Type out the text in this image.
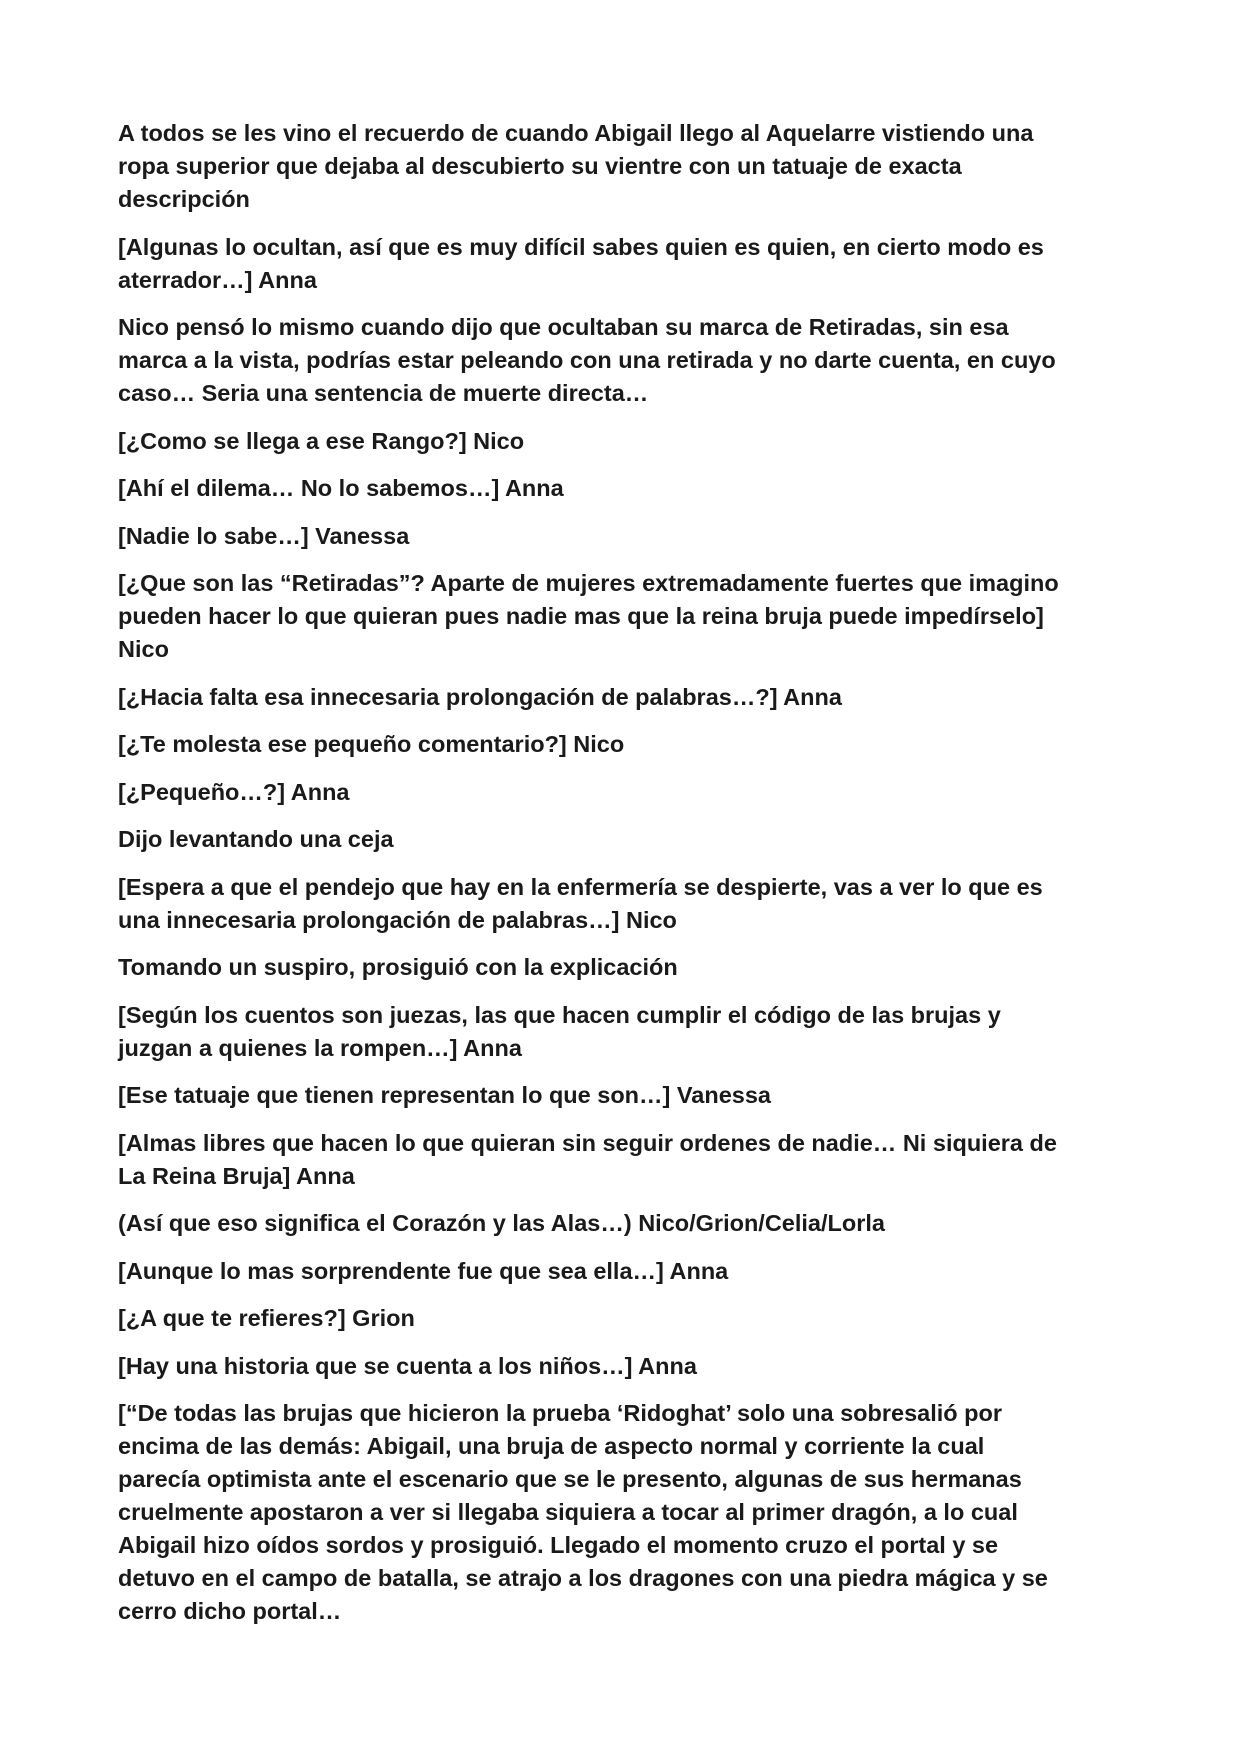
A todos se les vino el recuerdo de cuando Abigail llego al Aquelarre vistiendo una
ropa superior que dejaba al descubierto su vientre con un tatuaje de exacta
descripción

[Algunas lo ocultan, así que es muy difícil sabes quien es quien, en cierto modo es
aterrador…] Anna

Nico pensó lo mismo cuando dijo que ocultaban su marca de Retiradas, sin esa
marca a la vista, podrías estar peleando con una retirada y no darte cuenta, en cuyo
caso… Seria una sentencia de muerte directa…

[¿Como se llega a ese Rango?] Nico

[Ahí el dilema… No lo sabemos…] Anna

[Nadie lo sabe…] Vanessa

[¿Que son las “Retiradas”? Aparte de mujeres extremadamente fuertes que imagino
pueden hacer lo que quieran pues nadie mas que la reina bruja puede impedírselo]
Nico

[¿Hacia falta esa innecesaria prolongación de palabras…?] Anna

[¿Te molesta ese pequeño comentario?] Nico

[¿Pequeño…?] Anna

Dijo levantando una ceja

[Espera a que el pendejo que hay en la enfermería se despierte, vas a ver lo que es
una innecesaria prolongación de palabras…] Nico

Tomando un suspiro, prosiguió con la explicación

[Según los cuentos son juezas, las que hacen cumplir el código de las brujas y
juzgan a quienes la rompen…] Anna

[Ese tatuaje que tienen representan lo que son…] Vanessa

[Almas libres que hacen lo que quieran sin seguir ordenes de nadie… Ni siquiera de
La Reina Bruja] Anna

(Así que eso significa el Corazón y las Alas…) Nico/Grion/Celia/Lorla

[Aunque lo mas sorprendente fue que sea ella…] Anna

[¿A que te refieres?] Grion

[Hay una historia que se cuenta a los niños…] Anna

[“De todas las brujas que hicieron la prueba ‘Ridoghat’ solo una sobresalió por
encima de las demás: Abigail, una bruja de aspecto normal y corriente la cual
parecía optimista ante el escenario que se le presento, algunas de sus hermanas
cruelmente apostaron a ver si llegaba siquiera a tocar al primer dragón, a lo cual
Abigail hizo oídos sordos y prosiguió. Llegado el momento cruzo el portal y se
detuvo en el campo de batalla, se atrajo a los dragones con una piedra mágica y se
cerro dicho portal…
